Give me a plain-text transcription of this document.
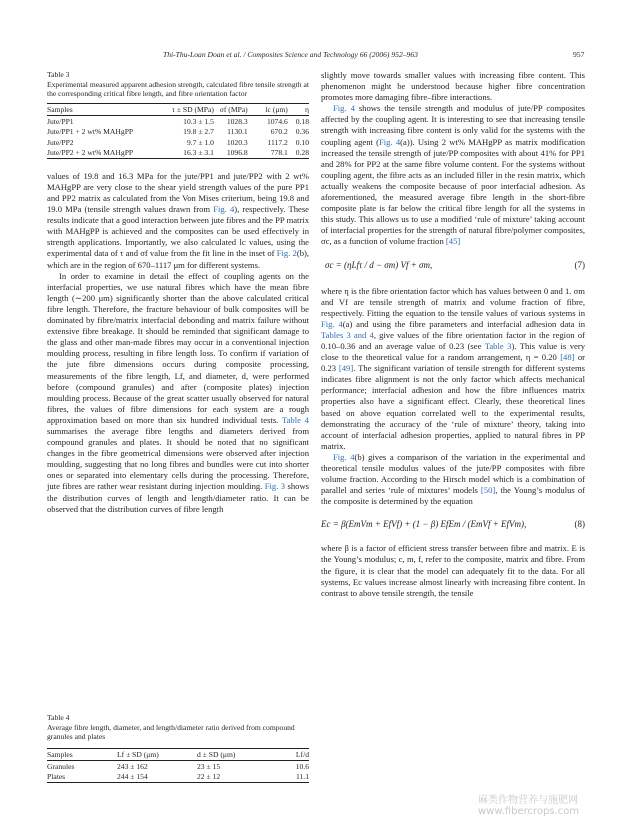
Thi-Thu-Loan Doan et al. / Composites Science and Technology 66 (2006) 952–963	957
Table 3
Experimental measured apparent adhesion strength, calculated fibre tensile strength at the corresponding critical fibre length, and fibre orientation factor
Samples	τ ± SD (MPa)	σf (MPa)	lc (μm)	η
Jute/PP1	10.3 ± 1.5	1028.3	1074.6	0.18
Jute/PP1 + 2 wt% MAHgPP	19.8 ± 2.7	1130.1	670.2	0.36
Jute/PP2	9.7 ± 1.0	1020.3	1117.2	0.10
Jute/PP2 + 2 wt% MAHgPP	16.3 ± 3.1	1096.8	778.1	0.28

values of 19.8 and 16.3 MPa for the jute/PP1 and jute/PP2 with 2 wt% MAHgPP are very close to the shear yield strength values of the pure PP1 and PP2 matrix as calculated from the Von Mises criterium, being 19.8 and 19.0 MPa (tensile strength values drawn from Fig. 4), respectively. These results indicate that a good interaction between jute fibres and the PP matrix with MAHgPP is achieved and the composites can be used effectively in strength applications. Importantly, we also calculated lc values, using the experimental data of τ and σf value from the fit line in the inset of Fig. 2(b), which are in the region of 670–1117 μm for different systems.

In order to examine in detail the effect of coupling agents on the interfacial properties, we use natural fibres which have the mean fibre length (∼200 μm) significantly shorter than the above calculated critical fibre length. Therefore, the fracture behaviour of bulk composites will be dominated by fibre/matrix interfacial debonding and matrix failure without extensive fibre breakage. It should be reminded that significant damage to the glass and other man-made fibres may occur in a conventional injection moulding process, resulting in fibre length loss. To confirm if variation of the jute fibre dimensions occurs during composite processing, measurements of the fibre length, Lf, and diameter, d, were performed before (compound granules) and after (composite plates) injection moulding process. Because of the great scatter usually observed for natural fibres, the values of fibre dimensions for each system are a rough approximation based on more than six hundred individual tests. Table 4 summarises the average fibre lengths and diameters derived from compound granules and plates. It should be noted that no significant changes in the fibre geometrical dimensions were observed after injection moulding, suggesting that no long fibres and bundles were cut into shorter ones or separated into elementary cells during the processing. Therefore, jute fibres are rather wear resistant during injection moulding. Fig. 3 shows the distribution curves of length and length/diameter ratio. It can be observed that the distribution curves of fibre length

Table 4
Average fibre length, diameter, and length/diameter ratio derived from compound granules and plates
Samples	Lf ± SD (μm)	d ± SD (μm)	Lf/d
Granules	243 ± 162	23 ± 15	10.6
Plates	244 ± 154	22 ± 12	11.1

slightly move towards smaller values with increasing fibre content. This phenomenon might be understood because higher fibre concentration promotes more damaging fibre–fibre interactions.

Fig. 4 shows the tensile strength and modulus of jute/PP composites affected by the coupling agent. It is interesting to see that increasing tensile strength with increasing fibre content is only valid for the systems with the coupling agent (Fig. 4(a)). Using 2 wt% MAHgPP as matrix modification increased the tensile strength of jute/PP composites with about 41% for PP1 and 28% for PP2 at the same fibre volume content. For the systems without coupling agent, the fibre acts as an included filler in the resin matrix, which actually weakens the composite because of poor interfacial adhesion. As aforementioned, the measured average fibre length in the short-fibre composite plate is far below the critical fibre length for all the systems in this study. This allows us to use a modified ‘rule of mixture’ taking account of interfacial properties for the strength of natural fibre/polymer composites, σc, as a function of volume fraction [45]

σc = (ηLfτ / d − σm) Vf + σm,	(7)

where η is the fibre orientation factor which has values between 0 and 1. σm and Vf are tensile strength of matrix and volume fraction of fibre, respectively. Fitting the equation to the tensile values of various systems in Fig. 4(a) and using the fibre parameters and interfacial adhesion data in Tables 3 and 4, give values of the fibre orientation factor in the region of 0.10–0.36 and an average value of 0.23 (see Table 3). This value is very close to the theoretical value for a random arrangement, η = 0.20 [48] or 0.23 [49]. The significant variation of tensile strength for different systems indicates fibre alignment is not the only factor which affects mechanical performance; interfacial adhesion and how the fibre influences matrix properties also have a significant effect. Clearly, these theoretical lines based on above equation correlated well to the experimental results, demonstrating the accuracy of the ‘rule of mixture’ theory, taking into account of interfacial adhesion properties, applied to natural fibres in PP matrix.

Fig. 4(b) gives a comparison of the variation in the experimental and theoretical tensile modulus values of the jute/PP composites with fibre volume fraction. According to the Hirsch model which is a combination of parallel and series ‘rule of mixtures’ models [50], the Young’s modulus of the composite is determined by the equation

Ec = β(EmVm + EfVf) + (1 − β) EfEm / (EmVf + EfVm),	(8)

where β is a factor of efficient stress transfer between fibre and matrix. E is the Young’s modulus; c, m, f, refer to the composite, matrix and fibre. From the figure, it is clear that the model can adequately fit to the data. For all systems, Ec values increase almost linearly with increasing fibre content. In contrast to above tensile strength, the tensile

麻类作物营养与施肥网
www.fibercrops.com
